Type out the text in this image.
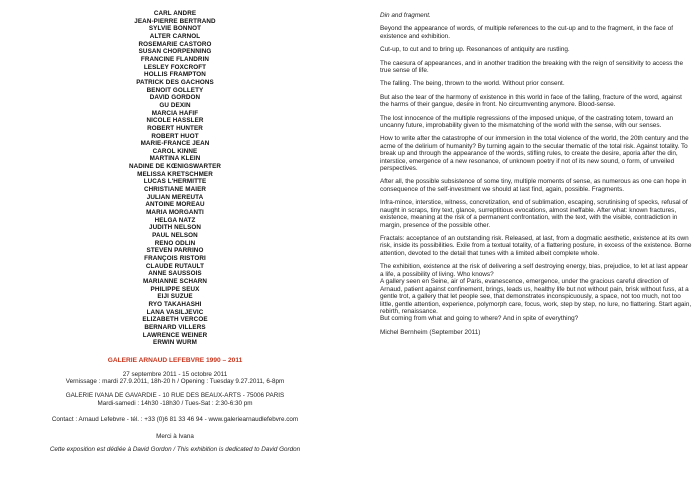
CARL ANDRE
JEAN-PIERRE BERTRAND
SYLVIE BONNOT
ALTER CARNOL
ROSEMARIE CASTORO
SUSAN CHORPENNING
FRANCINE FLANDRIN
LESLEY FOXCROFT
HOLLIS FRAMPTON
PATRICK DES GACHONS
BENOIT GOLLETY
DAVID GORDON
GU DEXIN
MARCIA HAFIF
NICOLE HASSLER
ROBERT HUNTER
ROBERT HUOT
MARIE-FRANCE JEAN
CAROL KINNE
MARTINA KLEIN
NADINE DE KŒNIGSWARTER
MELISSA KRETSCHMER
LUCAS L'HERMITTE
CHRISTIANE MAIER
JULIAN MEREUTA
ANTOINE MOREAU
MARIA MORGANTI
HELGA NATZ
JUDITH NELSON
PAUL NELSON
RENO ODLIN
STEVEN PARRINO
FRANÇOIS RISTORI
CLAUDE RUTAULT
ANNE SAUSSOIS
MARIANNE SCHARN
PHILIPPE SEUX
EIJI SUZUE
RYO TAKAHASHI
LANA VASILJEVIC
ELIZABETH VERCOE
BERNARD VILLERS
LAWRENCE WEINER
ERWIN WURM
GALERIE ARNAUD LEFEBVRE 1990 – 2011
27 septembre 2011 - 15 octobre 2011
Vernissage : mardi 27.9.2011, 18h-20 h / Opening : Tuesday 9.27.2011, 6-8pm
GALERIE IVANA DE GAVARDIE - 10 RUE DES BEAUX-ARTS - 75006 PARIS
Mardi-samedi : 14h30 -18h30 / Tues-Sat : 2:30-6:30 pm
Contact : Arnaud Lefebvre - tél. : +33 (0)6 81 33 46 94 - www.galeriearnaudlefebvre.com
Merci à Ivana
Cette exposition est dédiée à David Gordon / This exhibition is dedicated to David Gordon

Din and fragment.

Beyond the appearance of words, of multiple references to the cut-up and to the fragment, in the face of existence and exhibition.

Cut-up, to cut and to bring up. Resonances of antiquity are rustling.

The caesura of appearances, and in another tradition the breaking with the reign of sensitivity to access the true sense of life.

The falling. The being, thrown to the world. Without prior consent.

But also the tear of the harmony of existence in this world in face of the falling, fracture of the word, against the harms of their gangue, desire in front. No circumventing anymore. Blood-sense.

The lost innocence of the multiple regressions of the imposed unique, of the castrating totem, toward an uncanny future, improbability given to the mismatching of the world with the sense, with our senses.

How to write after the catastrophe of our immersion in the total violence of the world, the 20th century and the acme of the delirium of humanity? By turning again to the secular thematic of the total risk. Against totality. To break up and through the appearance of the words, stifling rules, to create the desire, aporia after the din, interstice, emergence of a new resonance, of unknown poetry if not of its new sound, o form, of unveiled perspectives.

After all, the possible subsistence of some tiny, multiple moments of sense, as numerous as one can hope in consequence of the self-investment we should at last find, again, possible. Fragments.

Infra-mince, interstice, witness, concretization, end of sublimation, escaping, scrutinising of specks, refusal of naught in scraps, tiny text, glance, surreptitious evocations, almost ineffable. After what: known fractures, existence, meaning at the risk of a permanent confrontation, with the text, with the visible, contradiction in margin, presence of the possible other.

Fractals: acceptance of an outstanding risk. Released, at last, from a dogmatic aesthetic, existence at its own risk, inside its possibilities. Exile from a textual totality, of a flattering posture, in excess of the existence. Borne attention, devoted to the detail that tunes with a limited albeit complete whole.

The exhibition, existence at the risk of delivering a self destroying energy, bias, prejudice, to let at last appear a life, a possibility of living. Who knows?
A gallery seen en Seine, air of Paris, evanescence, emergence, under the gracious careful direction of Arnaud, patient against confinement, brings, leads us, healthy life but not without pain, brisk without fuss, at a gentle trot, a gallery that let people see, that demonstrates inconspicuously, a space, not too much, not too little, gentle attention, experience, polymorph care, focus, work, step by step, no lure, no flattering. Start again, rebirth, renaissance.
But coming from what and going to where? And in spite of everything?

Michel Bernheim (September 2011)
